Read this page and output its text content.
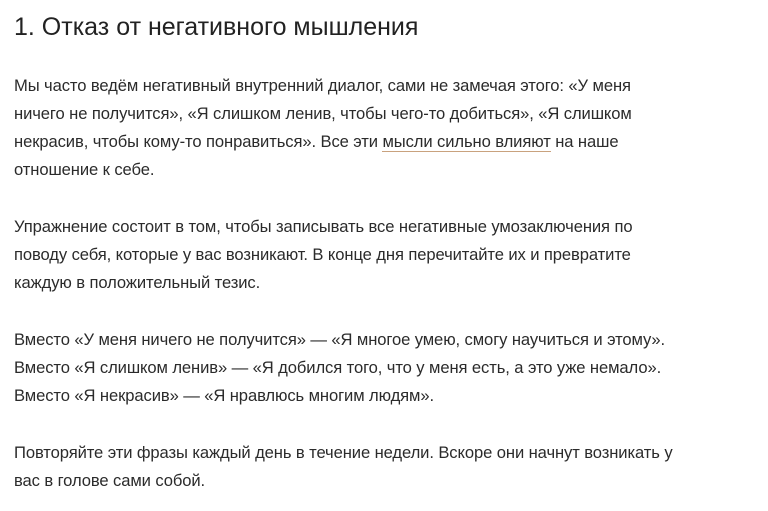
1. Отказ от негативного мышления

Мы часто ведём негативный внутренний диалог, сами не замечая этого: «У меня
ничего не получится», «Я слишком ленив, чтобы чего-то добиться», «Я слишком
некрасив, чтобы кому-то понравиться». Все эти мысли сильно влияют на наше
отношение к себе.

Упражнение состоит в том, чтобы записывать все негативные умозаключения по
поводу себя, которые у вас возникают. В конце дня перечитайте их и превратите
каждую в положительный тезис.

Вместо «У меня ничего не получится» — «Я многое умею, смогу научиться и этому».
Вместо «Я слишком ленив» — «Я добился того, что у меня есть, а это уже немало».
Вместо «Я некрасив» — «Я нравлюсь многим людям».

Повторяйте эти фразы каждый день в течение недели. Вскоре они начнут возникать у
вас в голове сами собой.
